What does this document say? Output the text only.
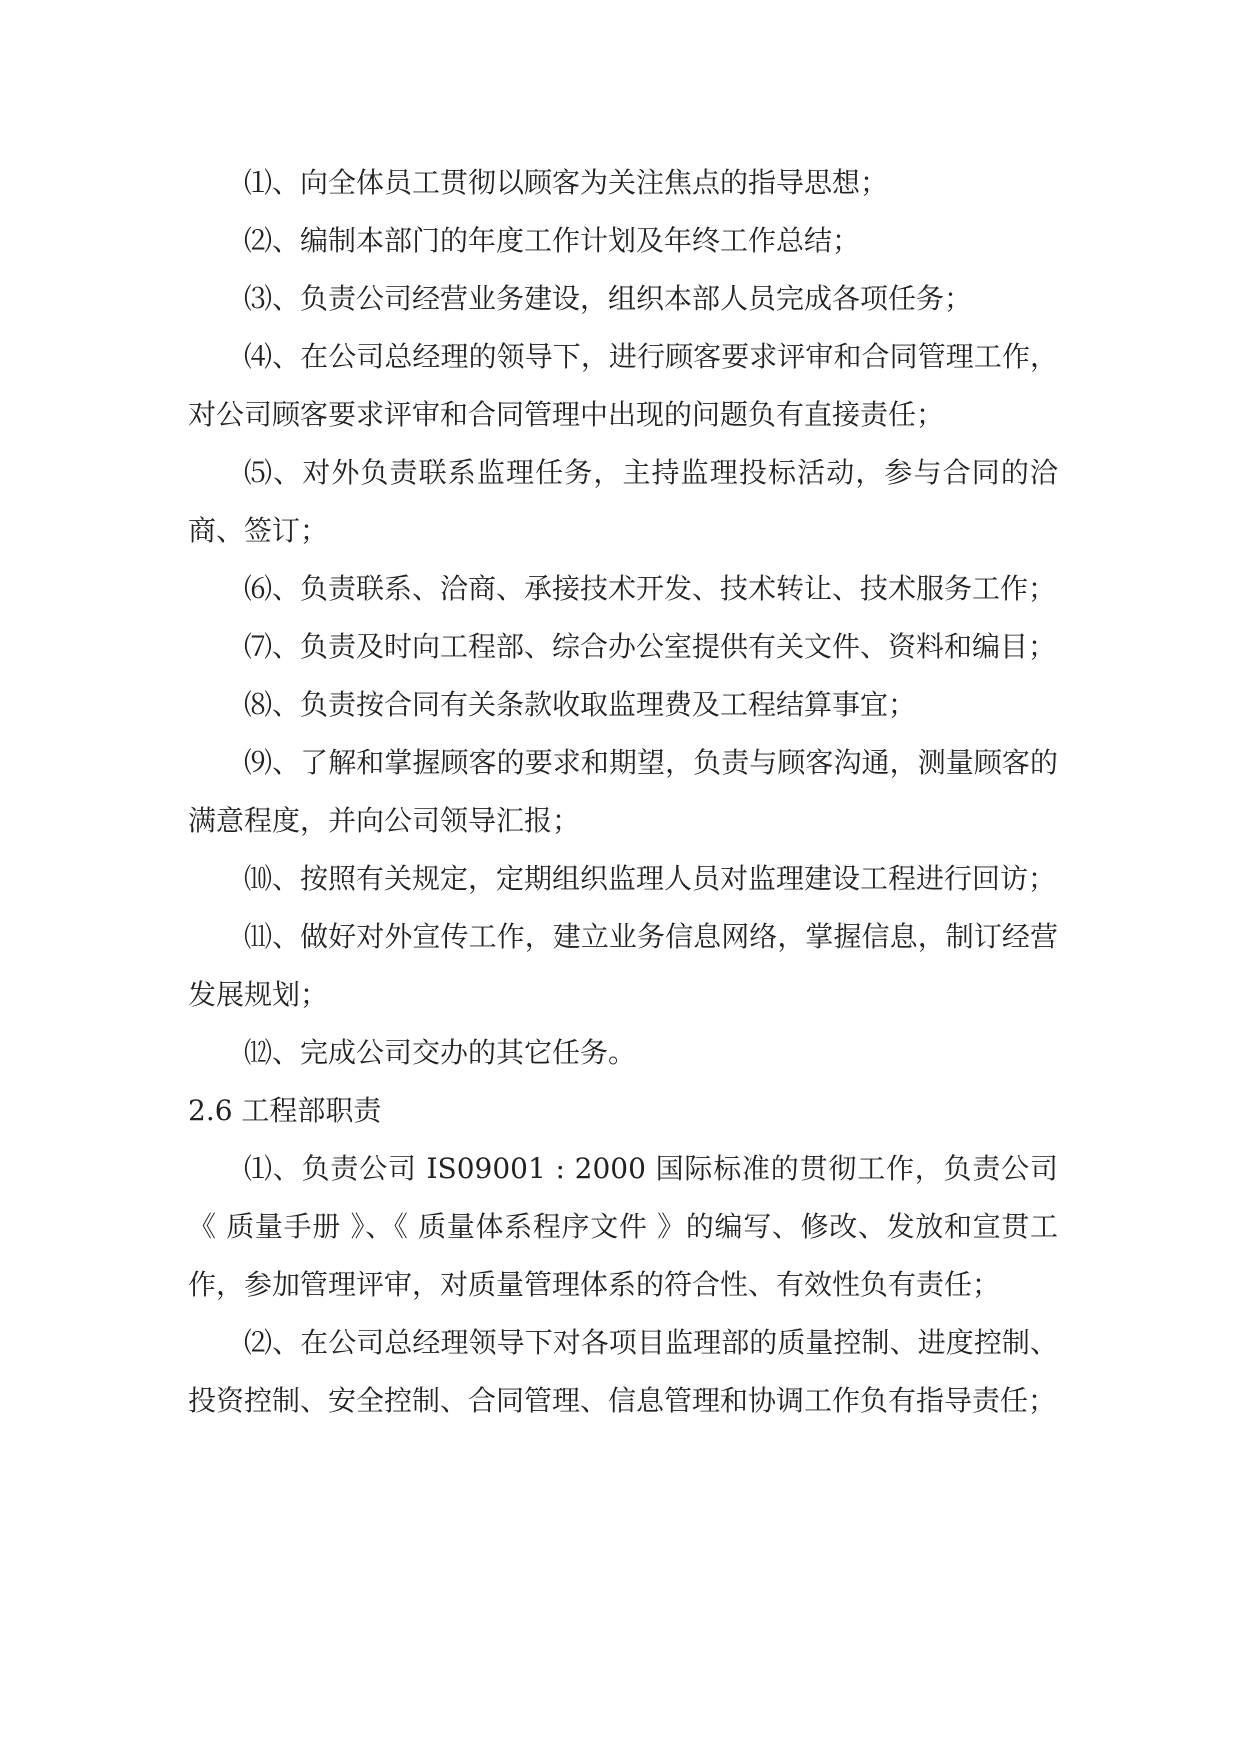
⑴、向全体员工贯彻以顾客为关注焦点的指导思想；

⑵、编制本部门的年度工作计划及年终工作总结；

⑶、负责公司经营业务建设，组织本部人员完成各项任务；

⑷、在公司总经理的领导下，进行顾客要求评审和合同管理工作，对公司顾客要求评审和合同管理中出现的问题负有直接责任；

⑸、对外负责联系监理任务，主持监理投标活动，参与合同的洽商、签订；

⑹、负责联系、洽商、承接技术开发、技术转让、技术服务工作；

⑺、负责及时向工程部、综合办公室提供有关文件、资料和编目；

⑻、负责按合同有关条款收取监理费及工程结算事宜；

⑼、了解和掌握顾客的要求和期望，负责与顾客沟通，测量顾客的满意程度，并向公司领导汇报；

⑽、按照有关规定，定期组织监理人员对监理建设工程进行回访；

⑾、做好对外宣传工作，建立业务信息网络，掌握信息，制订经营发展规划；

⑿、完成公司交办的其它任务。

2.6 工程部职责

⑴、负责公司 IS09001 : 2000 国际标准的贯彻工作，负责公司《 质量手册 》、《 质量体系程序文件 》的编写、修改、发放和宣贯工作，参加管理评审，对质量管理体系的符合性、有效性负有责任；

⑵、在公司总经理领导下对各项目监理部的质量控制、进度控制、投资控制、安全控制、合同管理、信息管理和协调工作负有指导责任；
